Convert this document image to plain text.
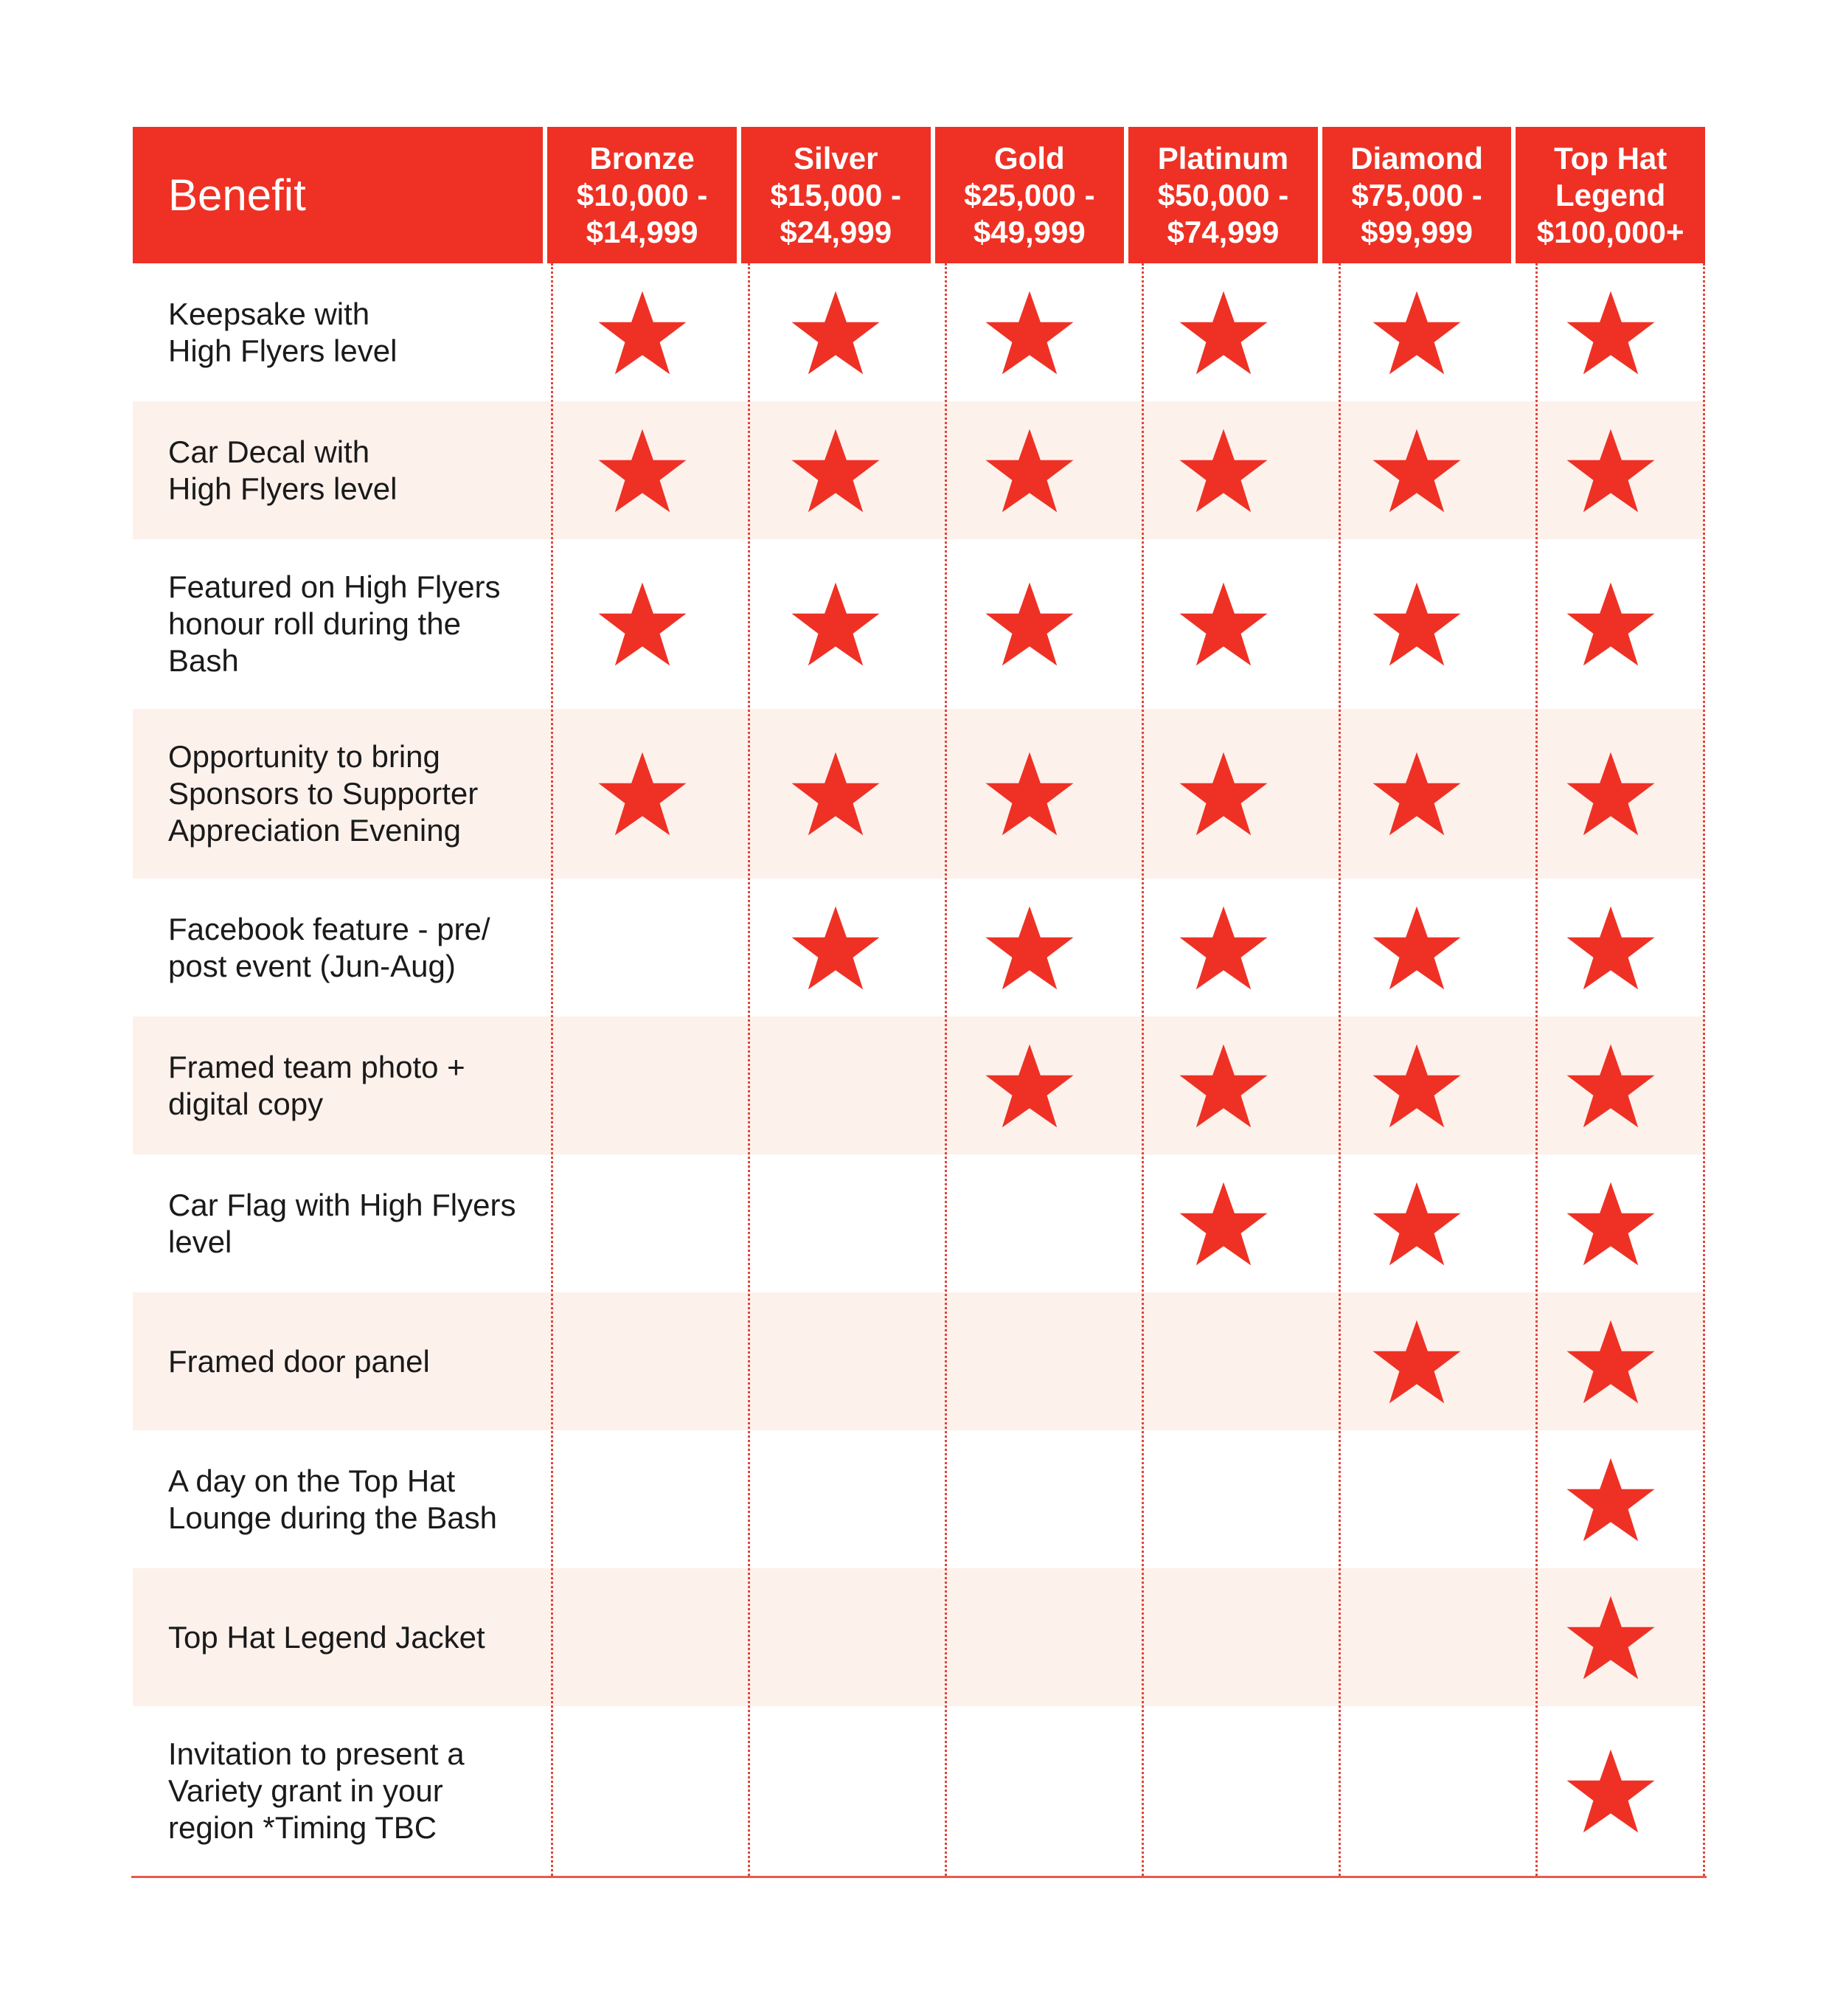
Benefit
Bronze
$10,000 -
$14,999
Silver
$15,000 -
$24,999
Gold
$25,000 -
$49,999
Platinum
$50,000 -
$74,999
Diamond
$75,000 -
$99,999
Top Hat
Legend
$100,000+
Keepsake with
High Flyers level
Car Decal with
High Flyers level
Featured on High Flyers
honour roll during the
Bash
Opportunity to bring
Sponsors to Supporter
Appreciation Evening
Facebook feature - pre/
post event (Jun-Aug)
Framed team photo +
digital copy
Car Flag with High Flyers
level
Framed door panel
A day on the Top Hat
Lounge during the Bash
Top Hat Legend Jacket
Invitation to present a
Variety grant in your
region *Timing TBC
